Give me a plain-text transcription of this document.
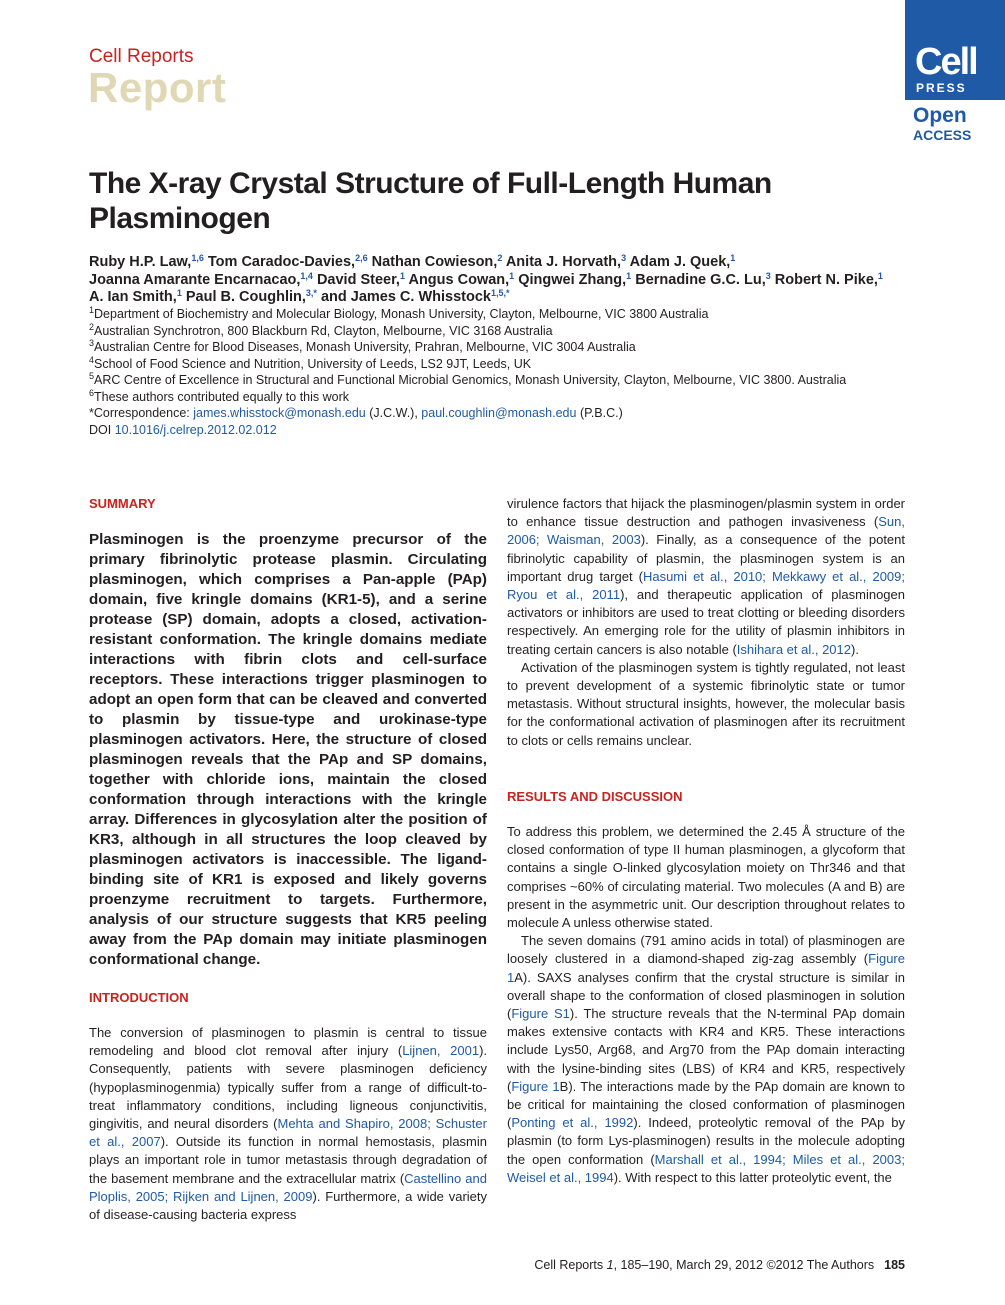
Cell Reports
Report
Cell
PRESS
Open
ACCESS
The X-ray Crystal Structure of Full-Length Human Plasminogen

Ruby H.P. Law,$^{1,6}$ Tom Caradoc-Davies,$^{2,6}$ Nathan Cowieson,$^2$ Anita J. Horvath,$^3$ Adam J. Quek,$^1$

Joanna Amarante Encarnacao,$^{1,4}$ David Steer,$^1$ Angus Cowan,$^1$ Qingwei Zhang,$^1$ Bernadine G.C. Lu,$^3$ Robert N. Pike,$^1$

A. Ian Smith,$^1$ Paul B. Coughlin,$^{3,*}$ and James C. Whisstock$^{1,5,*}$

$^1$Department of Biochemistry and Molecular Biology, Monash University, Clayton, Melbourne, VIC 3800 Australia

$^2$Australian Synchrotron, 800 Blackburn Rd, Clayton, Melbourne, VIC 3168 Australia

$^3$Australian Centre for Blood Diseases, Monash University, Prahran, Melbourne, VIC 3004 Australia

$^4$School of Food Science and Nutrition, University of Leeds, LS2 9JT, Leeds, UK

$^5$ARC Centre of Excellence in Structural and Functional Microbial Genomics, Monash University, Clayton, Melbourne, VIC 3800. Australia

$^6$These authors contributed equally to this work

*Correspondence: james.whisstock@monash.edu (J.C.W.), paul.coughlin@monash.edu (P.B.C.)

DOI 10.1016/j.celrep.2012.02.012

SUMMARY

Plasminogen is the proenzyme precursor of the primary fibrinolytic protease plasmin. Circulating plasminogen, which comprises a Pan-apple (PAp) domain, five kringle domains (KR1-5), and a serine protease (SP) domain, adopts a closed, activation-resistant conformation. The kringle domains mediate interactions with fibrin clots and cell-surface receptors. These interactions trigger plasminogen to adopt an open form that can be cleaved and converted to plasmin by tissue-type and urokinase-type plasminogen activators. Here, the structure of closed plasminogen reveals that the PAp and SP domains, together with chloride ions, maintain the closed conformation through interactions with the kringle array. Differences in glycosylation alter the position of KR3, although in all structures the loop cleaved by plasminogen activators is inaccessible. The ligand-binding site of KR1 is exposed and likely governs proenzyme recruitment to targets. Furthermore, analysis of our structure suggests that KR5 peeling away from the PAp domain may initiate plasminogen conformational change.

INTRODUCTION

The conversion of plasminogen to plasmin is central to tissue remodeling and blood clot removal after injury (Lijnen, 2001). Consequently, patients with severe plasminogen deficiency (hypoplasminogenmia) typically suffer from a range of difficult-to-treat inflammatory conditions, including ligneous conjunctivitis, gingivitis, and neural disorders (Mehta and Shapiro, 2008; Schuster et al., 2007). Outside its function in normal hemostasis, plasmin plays an important role in tumor metastasis through degradation of the basement membrane and the extracellular matrix (Castellino and Ploplis, 2005; Rijken and Lijnen, 2009). Furthermore, a wide variety of disease-causing bacteria express

virulence factors that hijack the plasminogen/plasmin system in order to enhance tissue destruction and pathogen invasiveness (Sun, 2006; Waisman, 2003). Finally, as a consequence of the potent fibrinolytic capability of plasmin, the plasminogen system is an important drug target (Hasumi et al., 2010; Mekkawy et al., 2009; Ryou et al., 2011), and therapeutic application of plasminogen activators or inhibitors are used to treat clotting or bleeding disorders respectively. An emerging role for the utility of plasmin inhibitors in treating certain cancers is also notable (Ishihara et al., 2012).

Activation of the plasminogen system is tightly regulated, not least to prevent development of a systemic fibrinolytic state or tumor metastasis. Without structural insights, however, the molecular basis for the conformational activation of plasminogen after its recruitment to clots or cells remains unclear.

RESULTS AND DISCUSSION

To address this problem, we determined the 2.45 Å structure of the closed conformation of type II human plasminogen, a glycoform that contains a single O-linked glycosylation moiety on Thr346 and that comprises ~60% of circulating material. Two molecules (A and B) are present in the asymmetric unit. Our description throughout relates to molecule A unless otherwise stated.

The seven domains (791 amino acids in total) of plasminogen are loosely clustered in a diamond-shaped zig-zag assembly (Figure 1A). SAXS analyses confirm that the crystal structure is similar in overall shape to the conformation of closed plasminogen in solution (Figure S1). The structure reveals that the N-terminal PAp domain makes extensive contacts with KR4 and KR5. These interactions include Lys50, Arg68, and Arg70 from the PAp domain interacting with the lysine-binding sites (LBS) of KR4 and KR5, respectively (Figure 1B). The interactions made by the PAp domain are known to be critical for maintaining the closed conformation of plasminogen (Ponting et al., 1992). Indeed, proteolytic removal of the PAp by plasmin (to form Lys-plasminogen) results in the molecule adopting the open conformation (Marshall et al., 1994; Miles et al., 2003; Weisel et al., 1994). With respect to this latter proteolytic event, the

Cell Reports 1, 185–190, March 29, 2012 ©2012 The Authors 185
